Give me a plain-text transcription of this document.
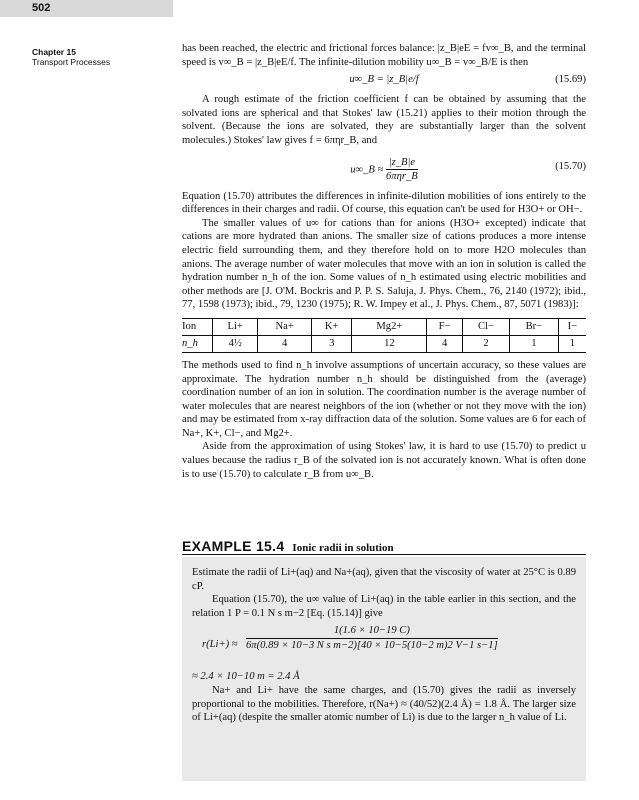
502
Chapter 15
Transport Processes

has been reached, the electric and frictional forces balance: |z_B|eE = fv∞_B, and the terminal speed is v∞_B = |z_B|eE/f. The infinite-dilution mobility u∞_B = v∞_B/E is then

u∞_B = |z_B|e/f	(15.69)

A rough estimate of the friction coefficient f can be obtained by assuming that the solvated ions are spherical and that Stokes' law (15.21) applies to their motion through the solvent. (Because the ions are solvated, they are substantially larger than the solvent molecules.) Stokes' law gives f = 6πηr_B, and

u∞_B ≈ $\frac{|z\_B|e}{\text{6πηr\_B}}$	(15.70)

Equation (15.70) attributes the differences in infinite-dilution mobilities of ions entirely to the differences in their charges and radii. Of course, this equation can't be used for H3O+ or OH−.

The smaller values of u∞ for cations than for anions (H3O+ excepted) indicate that cations are more hydrated than anions. The smaller size of cations produces a more intense electric field surrounding them, and they therefore hold on to more H2O molecules than anions. The average number of water molecules that move with an ion in solution is called the hydration number n_h of the ion. Some values of n_h estimated using electric mobilities and other methods are [J. O'M. Bockris and P. P. S. Saluja, J. Phys. Chem., 76, 2140 (1972); ibid., 77, 1598 (1973); ibid., 79, 1230 (1975); R. W. Impey et al., J. Phys. Chem., 87, 5071 (1983)]:

Ion	Li+	Na+	K+	Mg2+	F−	Cl−	Br−	I−
n_h	4½	4	3	12	4	2	1	1

The methods used to find n_h involve assumptions of uncertain accuracy, so these values are approximate. The hydration number n_h should be distinguished from the (average) coordination number of an ion in solution. The coordination number is the average number of water molecules that are nearest neighbors of the ion (whether or not they move with the ion) and may be estimated from x-ray diffraction data of the solution. Some values are 6 for each of Na+, K+, Cl−, and Mg2+.

Aside from the approximation of using Stokes' law, it is hard to use (15.70) to predict u values because the radius r_B of the solvated ion is not accurately known. What is often done is to use (15.70) to calculate r_B from u∞_B.

EXAMPLE 15.4 Ionic radii in solution

Estimate the radii of Li+(aq) and Na+(aq), given that the viscosity of water at 25°C is 0.89 cP.

Equation (15.70), the u∞ value of Li+(aq) in the table earlier in this section, and the relation 1 P = 0.1 N s m−2 [Eq. (15.14)] give

$r(Li+) \approx \frac{1(1.6 \times 10-19 C)}{\text{6π(0.89 × 10−3 N s m−2)[40 × 10−5(10−2 m)2 V−1 s−1]}}$

≈ 2.4 × 10−10 m = 2.4 Å

Na+ and Li+ have the same charges, and (15.70) gives the radii as inversely proportional to the mobilities. Therefore, r(Na+) ≈ (40/52)(2.4 Å) = 1.8 Å. The larger size of Li+(aq) (despite the smaller atomic number of Li) is due to the larger n_h value of Li.
